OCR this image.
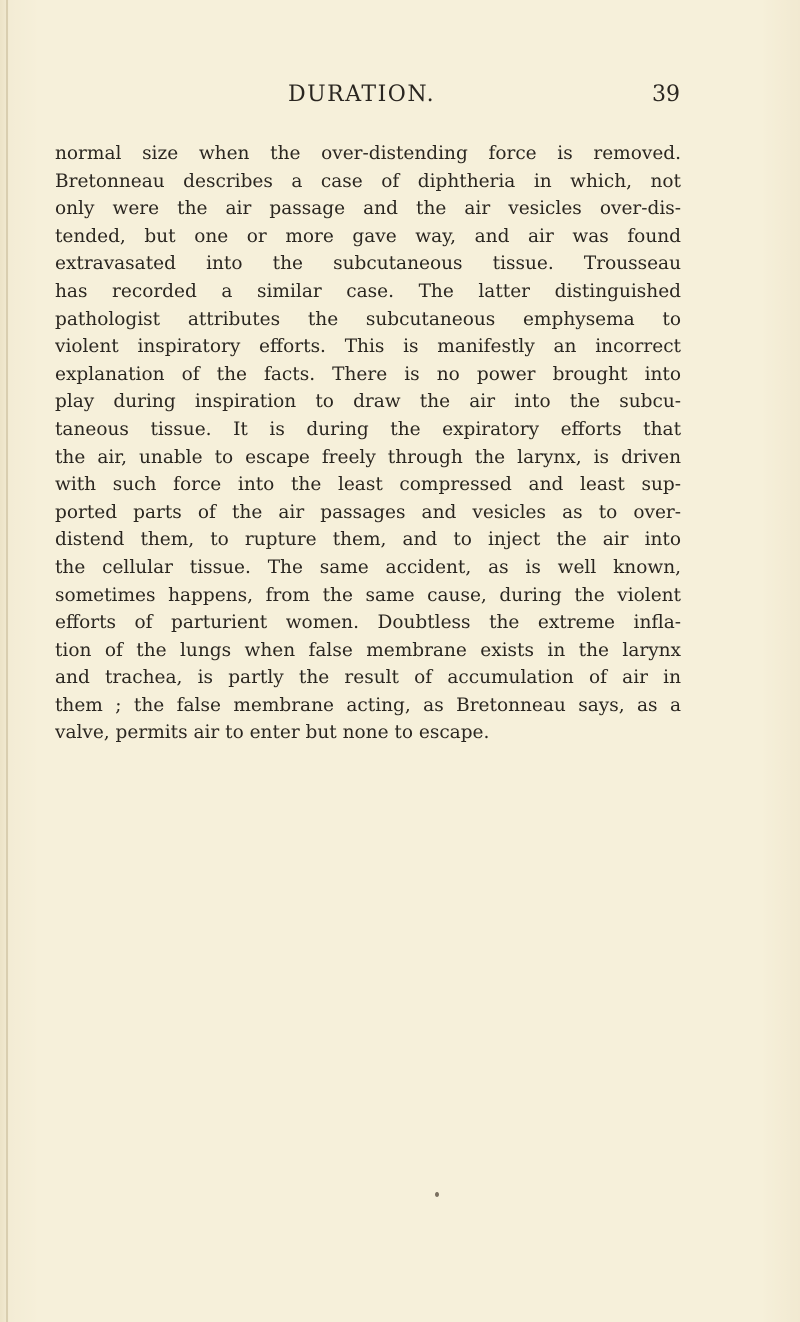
DURATION.	39
normal size when the over-distending force is removed.
Bretonneau describes a case of diphtheria in which, not
only were the air passage and the air vesicles over-dis-
tended, but one or more gave way, and air was found
extravasated into the subcutaneous tissue. Trousseau
has recorded a similar case. The latter distinguished
pathologist attributes the subcutaneous emphysema to
violent inspiratory efforts. This is manifestly an incorrect
explanation of the facts. There is no power brought into
play during inspiration to draw the air into the subcu-
taneous tissue. It is during the expiratory efforts that
the air, unable to escape freely through the larynx, is driven
with such force into the least compressed and least sup-
ported parts of the air passages and vesicles as to over-
distend them, to rupture them, and to inject the air into
the cellular tissue. The same accident, as is well known,
sometimes happens, from the same cause, during the violent
efforts of parturient women. Doubtless the extreme infla-
tion of the lungs when false membrane exists in the larynx
and trachea, is partly the result of accumulation of air in
them ; the false membrane acting, as Bretonneau says, as a
valve, permits air to enter but none to escape.
